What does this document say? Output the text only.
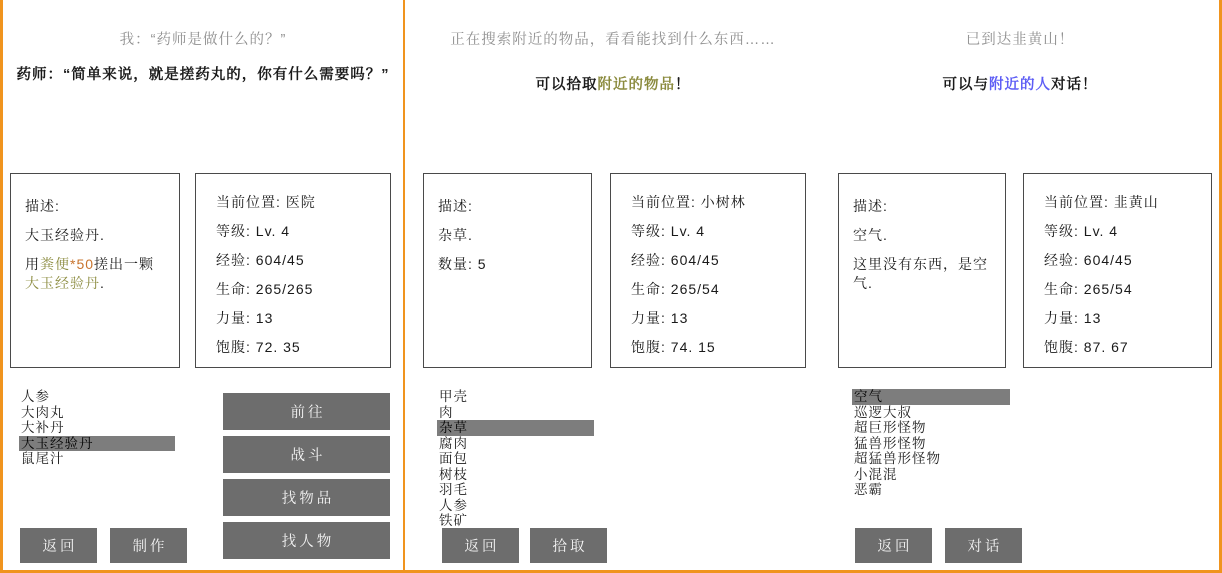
我：“药师是做什么的？”
药师：“简单来说，就是搓药丸的，你有什么需要吗？”
描述:
大玉经验丹.
用粪便*50搓出一颗大玉经验丹.
当前位置: 医院
等级: Lv. 4
经验: 604/45
生命: 265/265
力量: 13
饱腹: 72. 35
人参
大肉丸
大补丹
大玉经验丹
鼠尾汁
前往
战斗
找物品
找人物
返回	制作
正在搜索附近的物品，看看能找到什么东西……
可以拾取附近的物品！
描述:
杂草.
数量: 5
当前位置: 小树林
等级: Lv. 4
经验: 604/45
生命: 265/54
力量: 13
饱腹: 74. 15
甲壳
肉
杂草
腐肉
面包
树枝
羽毛
人参
铁矿
返回	拾取
已到达韭黄山！
可以与附近的人对话！
描述:
空气.
这里没有东西，是空气.
当前位置: 韭黄山
等级: Lv. 4
经验: 604/45
生命: 265/54
力量: 13
饱腹: 87. 67
空气
巡逻大叔
超巨形怪物
猛兽形怪物
超猛兽形怪物
小混混
恶霸
返回	对话
